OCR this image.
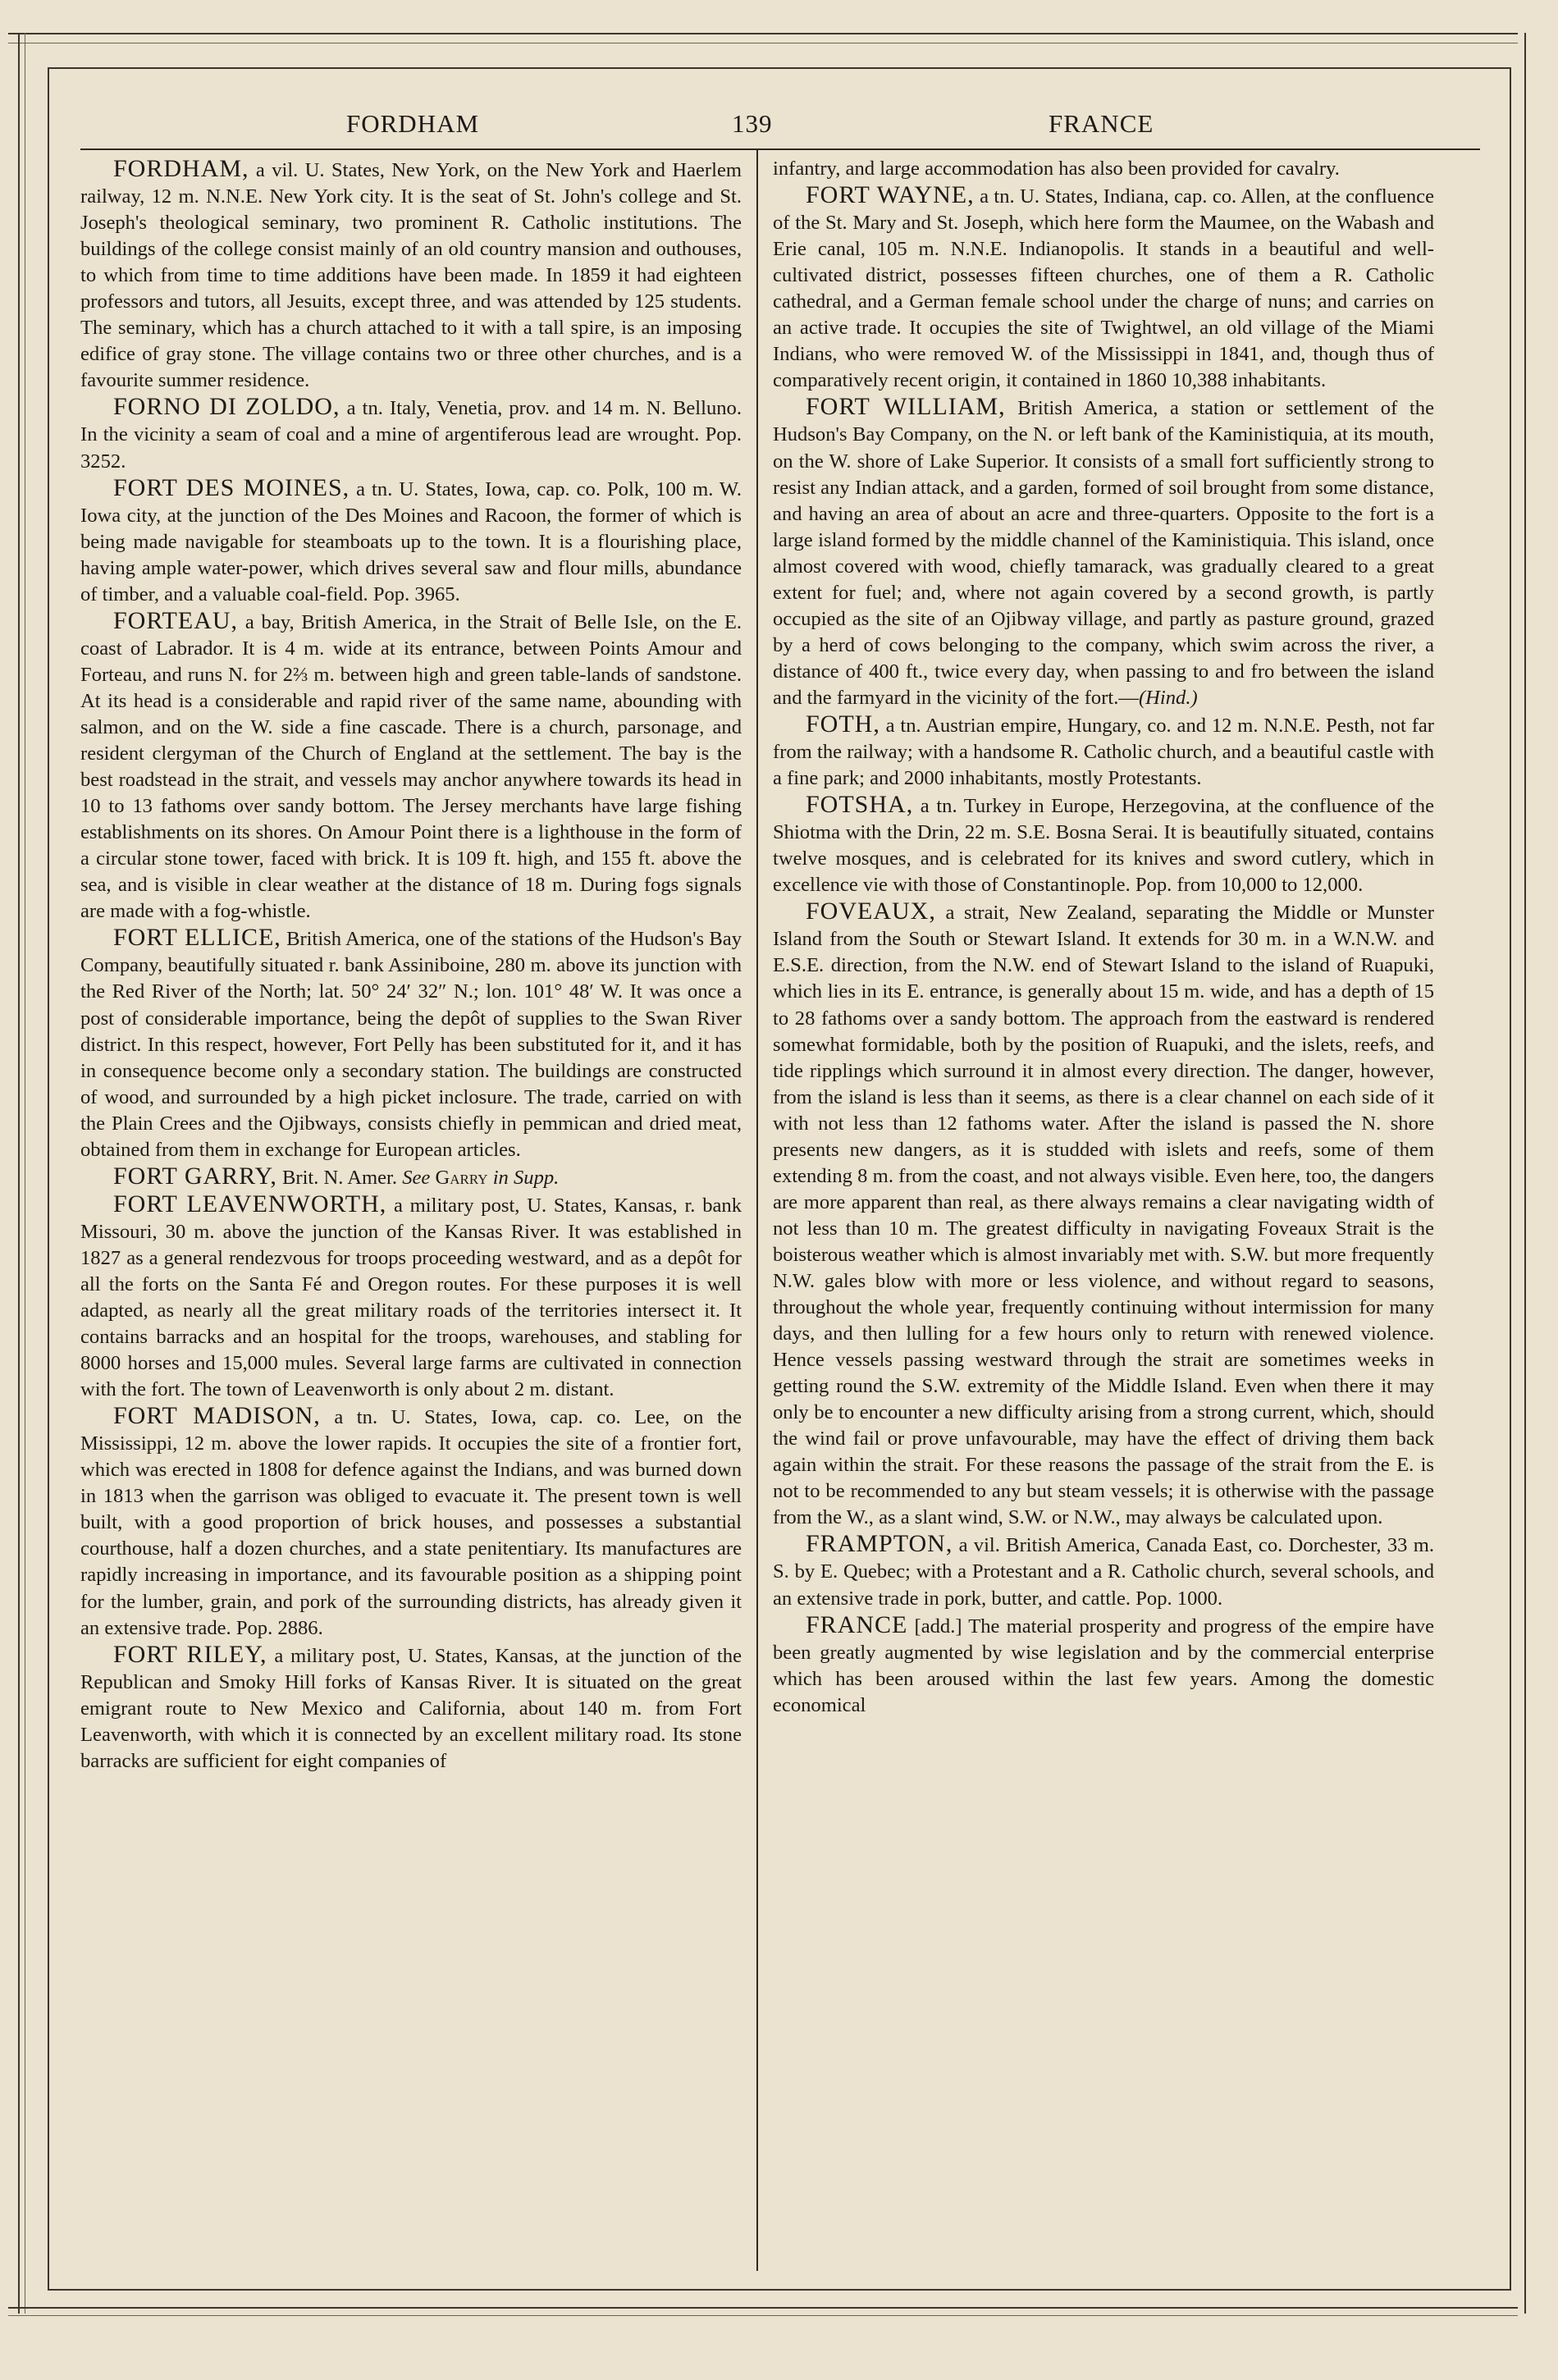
FORDHAM	139	FRANCE

FORDHAM, a vil. U. States, New York, on the New York and Haerlem railway, 12 m. N.N.E. New York city. It is the seat of St. John's college and St. Joseph's theological seminary, two prominent R. Catholic institutions. The buildings of the college consist mainly of an old country mansion and outhouses, to which from time to time additions have been made. In 1859 it had eighteen professors and tutors, all Jesuits, except three, and was attended by 125 students. The seminary, which has a church attached to it with a tall spire, is an imposing edifice of gray stone. The village contains two or three other churches, and is a favourite summer residence.

FORNO DI ZOLDO, a tn. Italy, Venetia, prov. and 14 m. N. Belluno. In the vicinity a seam of coal and a mine of argentiferous lead are wrought. Pop. 3252.

FORT DES MOINES, a tn. U. States, Iowa, cap. co. Polk, 100 m. W. Iowa city, at the junction of the Des Moines and Racoon, the former of which is being made navigable for steamboats up to the town. It is a flourishing place, having ample water-power, which drives several saw and flour mills, abundance of timber, and a valuable coal-field. Pop. 3965.

FORTEAU, a bay, British America, in the Strait of Belle Isle, on the E. coast of Labrador. It is 4 m. wide at its entrance, between Points Amour and Forteau, and runs N. for 2⅔ m. between high and green table-lands of sandstone. At its head is a considerable and rapid river of the same name, abounding with salmon, and on the W. side a fine cascade. There is a church, parsonage, and resident clergyman of the Church of England at the settlement. The bay is the best roadstead in the strait, and vessels may anchor anywhere towards its head in 10 to 13 fathoms over sandy bottom. The Jersey merchants have large fishing establishments on its shores. On Amour Point there is a lighthouse in the form of a circular stone tower, faced with brick. It is 109 ft. high, and 155 ft. above the sea, and is visible in clear weather at the distance of 18 m. During fogs signals are made with a fog-whistle.

FORT ELLICE, British America, one of the stations of the Hudson's Bay Company, beautifully situated r. bank Assiniboine, 280 m. above its junction with the Red River of the North; lat. 50° 24′ 32″ N.; lon. 101° 48′ W. It was once a post of considerable importance, being the depôt of supplies to the Swan River district. In this respect, however, Fort Pelly has been substituted for it, and it has in consequence become only a secondary station. The buildings are constructed of wood, and surrounded by a high picket inclosure. The trade, carried on with the Plain Crees and the Ojibways, consists chiefly in pemmican and dried meat, obtained from them in exchange for European articles.

FORT GARRY, Brit. N. Amer. See Garry in Supp.

FORT LEAVENWORTH, a military post, U. States, Kansas, r. bank Missouri, 30 m. above the junction of the Kansas River. It was established in 1827 as a general rendezvous for troops proceeding westward, and as a depôt for all the forts on the Santa Fé and Oregon routes. For these purposes it is well adapted, as nearly all the great military roads of the territories intersect it. It contains barracks and an hospital for the troops, warehouses, and stabling for 8000 horses and 15,000 mules. Several large farms are cultivated in connection with the fort. The town of Leavenworth is only about 2 m. distant.

FORT MADISON, a tn. U. States, Iowa, cap. co. Lee, on the Mississippi, 12 m. above the lower rapids. It occupies the site of a frontier fort, which was erected in 1808 for defence against the Indians, and was burned down in 1813 when the garrison was obliged to evacuate it. The present town is well built, with a good proportion of brick houses, and possesses a substantial courthouse, half a dozen churches, and a state penitentiary. Its manufactures are rapidly increasing in importance, and its favourable position as a shipping point for the lumber, grain, and pork of the surrounding districts, has already given it an extensive trade. Pop. 2886.

FORT RILEY, a military post, U. States, Kansas, at the junction of the Republican and Smoky Hill forks of Kansas River. It is situated on the great emigrant route to New Mexico and California, about 140 m. from Fort Leavenworth, with which it is connected by an excellent military road. Its stone barracks are sufficient for eight companies of

infantry, and large accommodation has also been provided for cavalry.

FORT WAYNE, a tn. U. States, Indiana, cap. co. Allen, at the confluence of the St. Mary and St. Joseph, which here form the Maumee, on the Wabash and Erie canal, 105 m. N.N.E. Indianopolis. It stands in a beautiful and well-cultivated district, possesses fifteen churches, one of them a R. Catholic cathedral, and a German female school under the charge of nuns; and carries on an active trade. It occupies the site of Twightwel, an old village of the Miami Indians, who were removed W. of the Mississippi in 1841, and, though thus of comparatively recent origin, it contained in 1860 10,388 inhabitants.

FORT WILLIAM, British America, a station or settlement of the Hudson's Bay Company, on the N. or left bank of the Kaministiquia, at its mouth, on the W. shore of Lake Superior. It consists of a small fort sufficiently strong to resist any Indian attack, and a garden, formed of soil brought from some distance, and having an area of about an acre and three-quarters. Opposite to the fort is a large island formed by the middle channel of the Kaministiquia. This island, once almost covered with wood, chiefly tamarack, was gradually cleared to a great extent for fuel; and, where not again covered by a second growth, is partly occupied as the site of an Ojibway village, and partly as pasture ground, grazed by a herd of cows belonging to the company, which swim across the river, a distance of 400 ft., twice every day, when passing to and fro between the island and the farmyard in the vicinity of the fort.—(Hind.)

FOTH, a tn. Austrian empire, Hungary, co. and 12 m. N.N.E. Pesth, not far from the railway; with a handsome R. Catholic church, and a beautiful castle with a fine park; and 2000 inhabitants, mostly Protestants.

FOTSHA, a tn. Turkey in Europe, Herzegovina, at the confluence of the Shiotma with the Drin, 22 m. S.E. Bosna Serai. It is beautifully situated, contains twelve mosques, and is celebrated for its knives and sword cutlery, which in excellence vie with those of Constantinople. Pop. from 10,000 to 12,000.

FOVEAUX, a strait, New Zealand, separating the Middle or Munster Island from the South or Stewart Island. It extends for 30 m. in a W.N.W. and E.S.E. direction, from the N.W. end of Stewart Island to the island of Ruapuki, which lies in its E. entrance, is generally about 15 m. wide, and has a depth of 15 to 28 fathoms over a sandy bottom. The approach from the eastward is rendered somewhat formidable, both by the position of Ruapuki, and the islets, reefs, and tide ripplings which surround it in almost every direction. The danger, however, from the island is less than it seems, as there is a clear channel on each side of it with not less than 12 fathoms water. After the island is passed the N. shore presents new dangers, as it is studded with islets and reefs, some of them extending 8 m. from the coast, and not always visible. Even here, too, the dangers are more apparent than real, as there always remains a clear navigating width of not less than 10 m. The greatest difficulty in navigating Foveaux Strait is the boisterous weather which is almost invariably met with. S.W. but more frequently N.W. gales blow with more or less violence, and without regard to seasons, throughout the whole year, frequently continuing without intermission for many days, and then lulling for a few hours only to return with renewed violence. Hence vessels passing westward through the strait are sometimes weeks in getting round the S.W. extremity of the Middle Island. Even when there it may only be to encounter a new difficulty arising from a strong current, which, should the wind fail or prove unfavourable, may have the effect of driving them back again within the strait. For these reasons the passage of the strait from the E. is not to be recommended to any but steam vessels; it is otherwise with the passage from the W., as a slant wind, S.W. or N.W., may always be calculated upon.

FRAMPTON, a vil. British America, Canada East, co. Dorchester, 33 m. S. by E. Quebec; with a Protestant and a R. Catholic church, several schools, and an extensive trade in pork, butter, and cattle. Pop. 1000.

FRANCE [add.] The material prosperity and progress of the empire have been greatly augmented by wise legislation and by the commercial enterprise which has been aroused within the last few years. Among the domestic economical
